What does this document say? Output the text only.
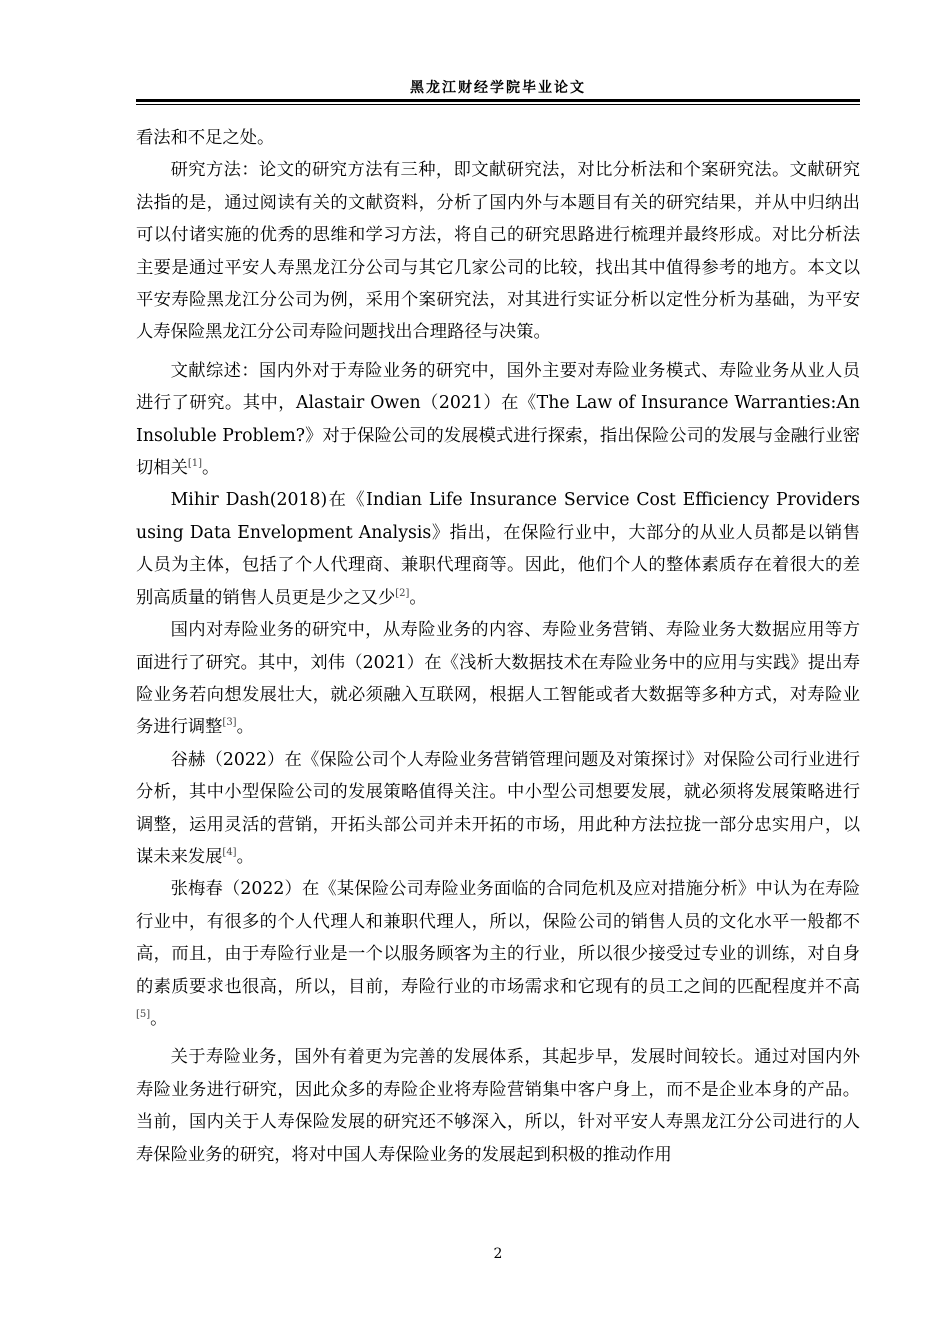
黑龙江财经学院毕业论文

看法和不足之处。

研究方法：论文的研究方法有三种，即文献研究法，对比分析法和个案研究法。文献研究法指的是，通过阅读有关的文献资料，分析了国内外与本题目有关的研究结果，并从中归纳出可以付诸实施的优秀的思维和学习方法，将自己的研究思路进行梳理并最终形成。对比分析法主要是通过平安人寿黑龙江分公司与其它几家公司的比较，找出其中值得参考的地方。本文以平安寿险黑龙江分公司为例，采用个案研究法，对其进行实证分析以定性分析为基础，为平安人寿保险黑龙江分公司寿险问题找出合理路径与决策。

文献综述：国内外对于寿险业务的研究中，国外主要对寿险业务模式、寿险业务从业人员进行了研究。其中，Alastair Owen（2021）在《The Law of Insurance Warranties:An Insoluble Problem?》对于保险公司的发展模式进行探索，指出保险公司的发展与金融行业密切相关[1]。

Mihir Dash(2018)在《Indian Life Insurance Service Cost Efficiency Providers using Data Envelopment Analysis》指出，在保险行业中，大部分的从业人员都是以销售人员为主体，包括了个人代理商、兼职代理商等。因此，他们个人的整体素质存在着很大的差别高质量的销售人员更是少之又少[2]。

国内对寿险业务的研究中，从寿险业务的内容、寿险业务营销、寿险业务大数据应用等方面进行了研究。其中，刘伟（2021）在《浅析大数据技术在寿险业务中的应用与实践》提出寿险业务若向想发展壮大，就必须融入互联网，根据人工智能或者大数据等多种方式，对寿险业务进行调整[3]。

谷赫（2022）在《保险公司个人寿险业务营销管理问题及对策探讨》对保险公司行业进行分析，其中小型保险公司的发展策略值得关注。中小型公司想要发展，就必须将发展策略进行调整，运用灵活的营销，开拓头部公司并未开拓的市场，用此种方法拉拢一部分忠实用户，以谋未来发展[4]。

张梅春（2022）在《某保险公司寿险业务面临的合同危机及应对措施分析》中认为在寿险行业中，有很多的个人代理人和兼职代理人，所以，保险公司的销售人员的文化水平一般都不高，而且，由于寿险行业是一个以服务顾客为主的行业，所以很少接受过专业的训练，对自身的素质要求也很高，所以，目前，寿险行业的市场需求和它现有的员工之间的匹配程度并不高[5]。

关于寿险业务，国外有着更为完善的发展体系，其起步早，发展时间较长。通过对国内外寿险业务进行研究，因此众多的寿险企业将寿险营销集中客户身上，而不是企业本身的产品。当前，国内关于人寿保险发展的研究还不够深入，所以，针对平安人寿黑龙江分公司进行的人寿保险业务的研究，将对中国人寿保险业务的发展起到积极的推动作用

2
